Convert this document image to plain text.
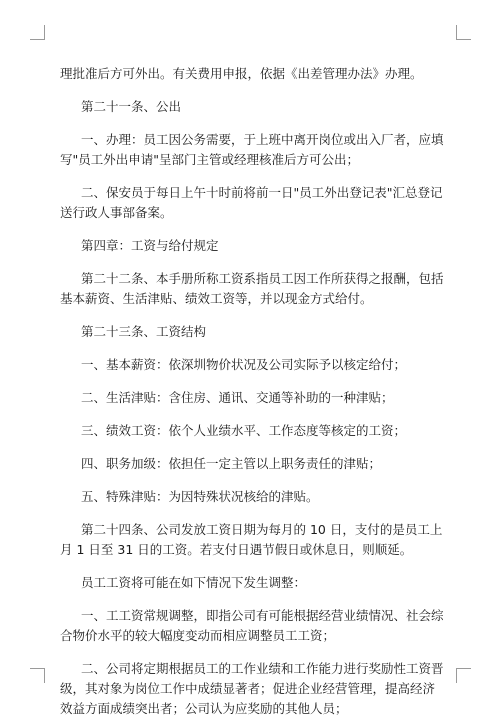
理批准后方可外出。有关费用申报，依据《出差管理办法》办理。

第二十一条、公出

一、办理：员工因公务需要，于上班中离开岗位或出入厂者，应填写"员工外出申请"呈部门主管或经理核准后方可公出；

二、保安员于每日上午十时前将前一日"员工外出登记表"汇总登记送行政人事部备案。

第四章：工资与给付规定

第二十二条、本手册所称工资系指员工因工作所获得之报酬，包括基本薪资、生活津贴、绩效工资等，并以现金方式给付。

第二十三条、工资结构

一、基本薪资：依深圳物价状况及公司实际予以核定给付；

二、生活津贴：含住房、通讯、交通等补助的一种津贴；

三、绩效工资：依个人业绩水平、工作态度等核定的工资；

四、职务加级：依担任一定主管以上职务责任的津贴；

五、特殊津贴：为因特殊状况核给的津贴。

第二十四条、公司发放工资日期为每月的 10 日，支付的是员工上月 1 日至 31 日的工资。若支付日遇节假日或休息日，则顺延。

员工工资将可能在如下情况下发生调整：

一、工工资常规调整，即指公司有可能根据经营业绩情况、社会综合物价水平的较大幅度变动而相应调整员工工资；

二、公司将定期根据员工的工作业绩和工作能力进行奖励性工资晋级，其对象为岗位工作中成绩显著者；促进企业经营管理，提高经济效益方面成绩突出者；公司认为应奖励的其他人员；
